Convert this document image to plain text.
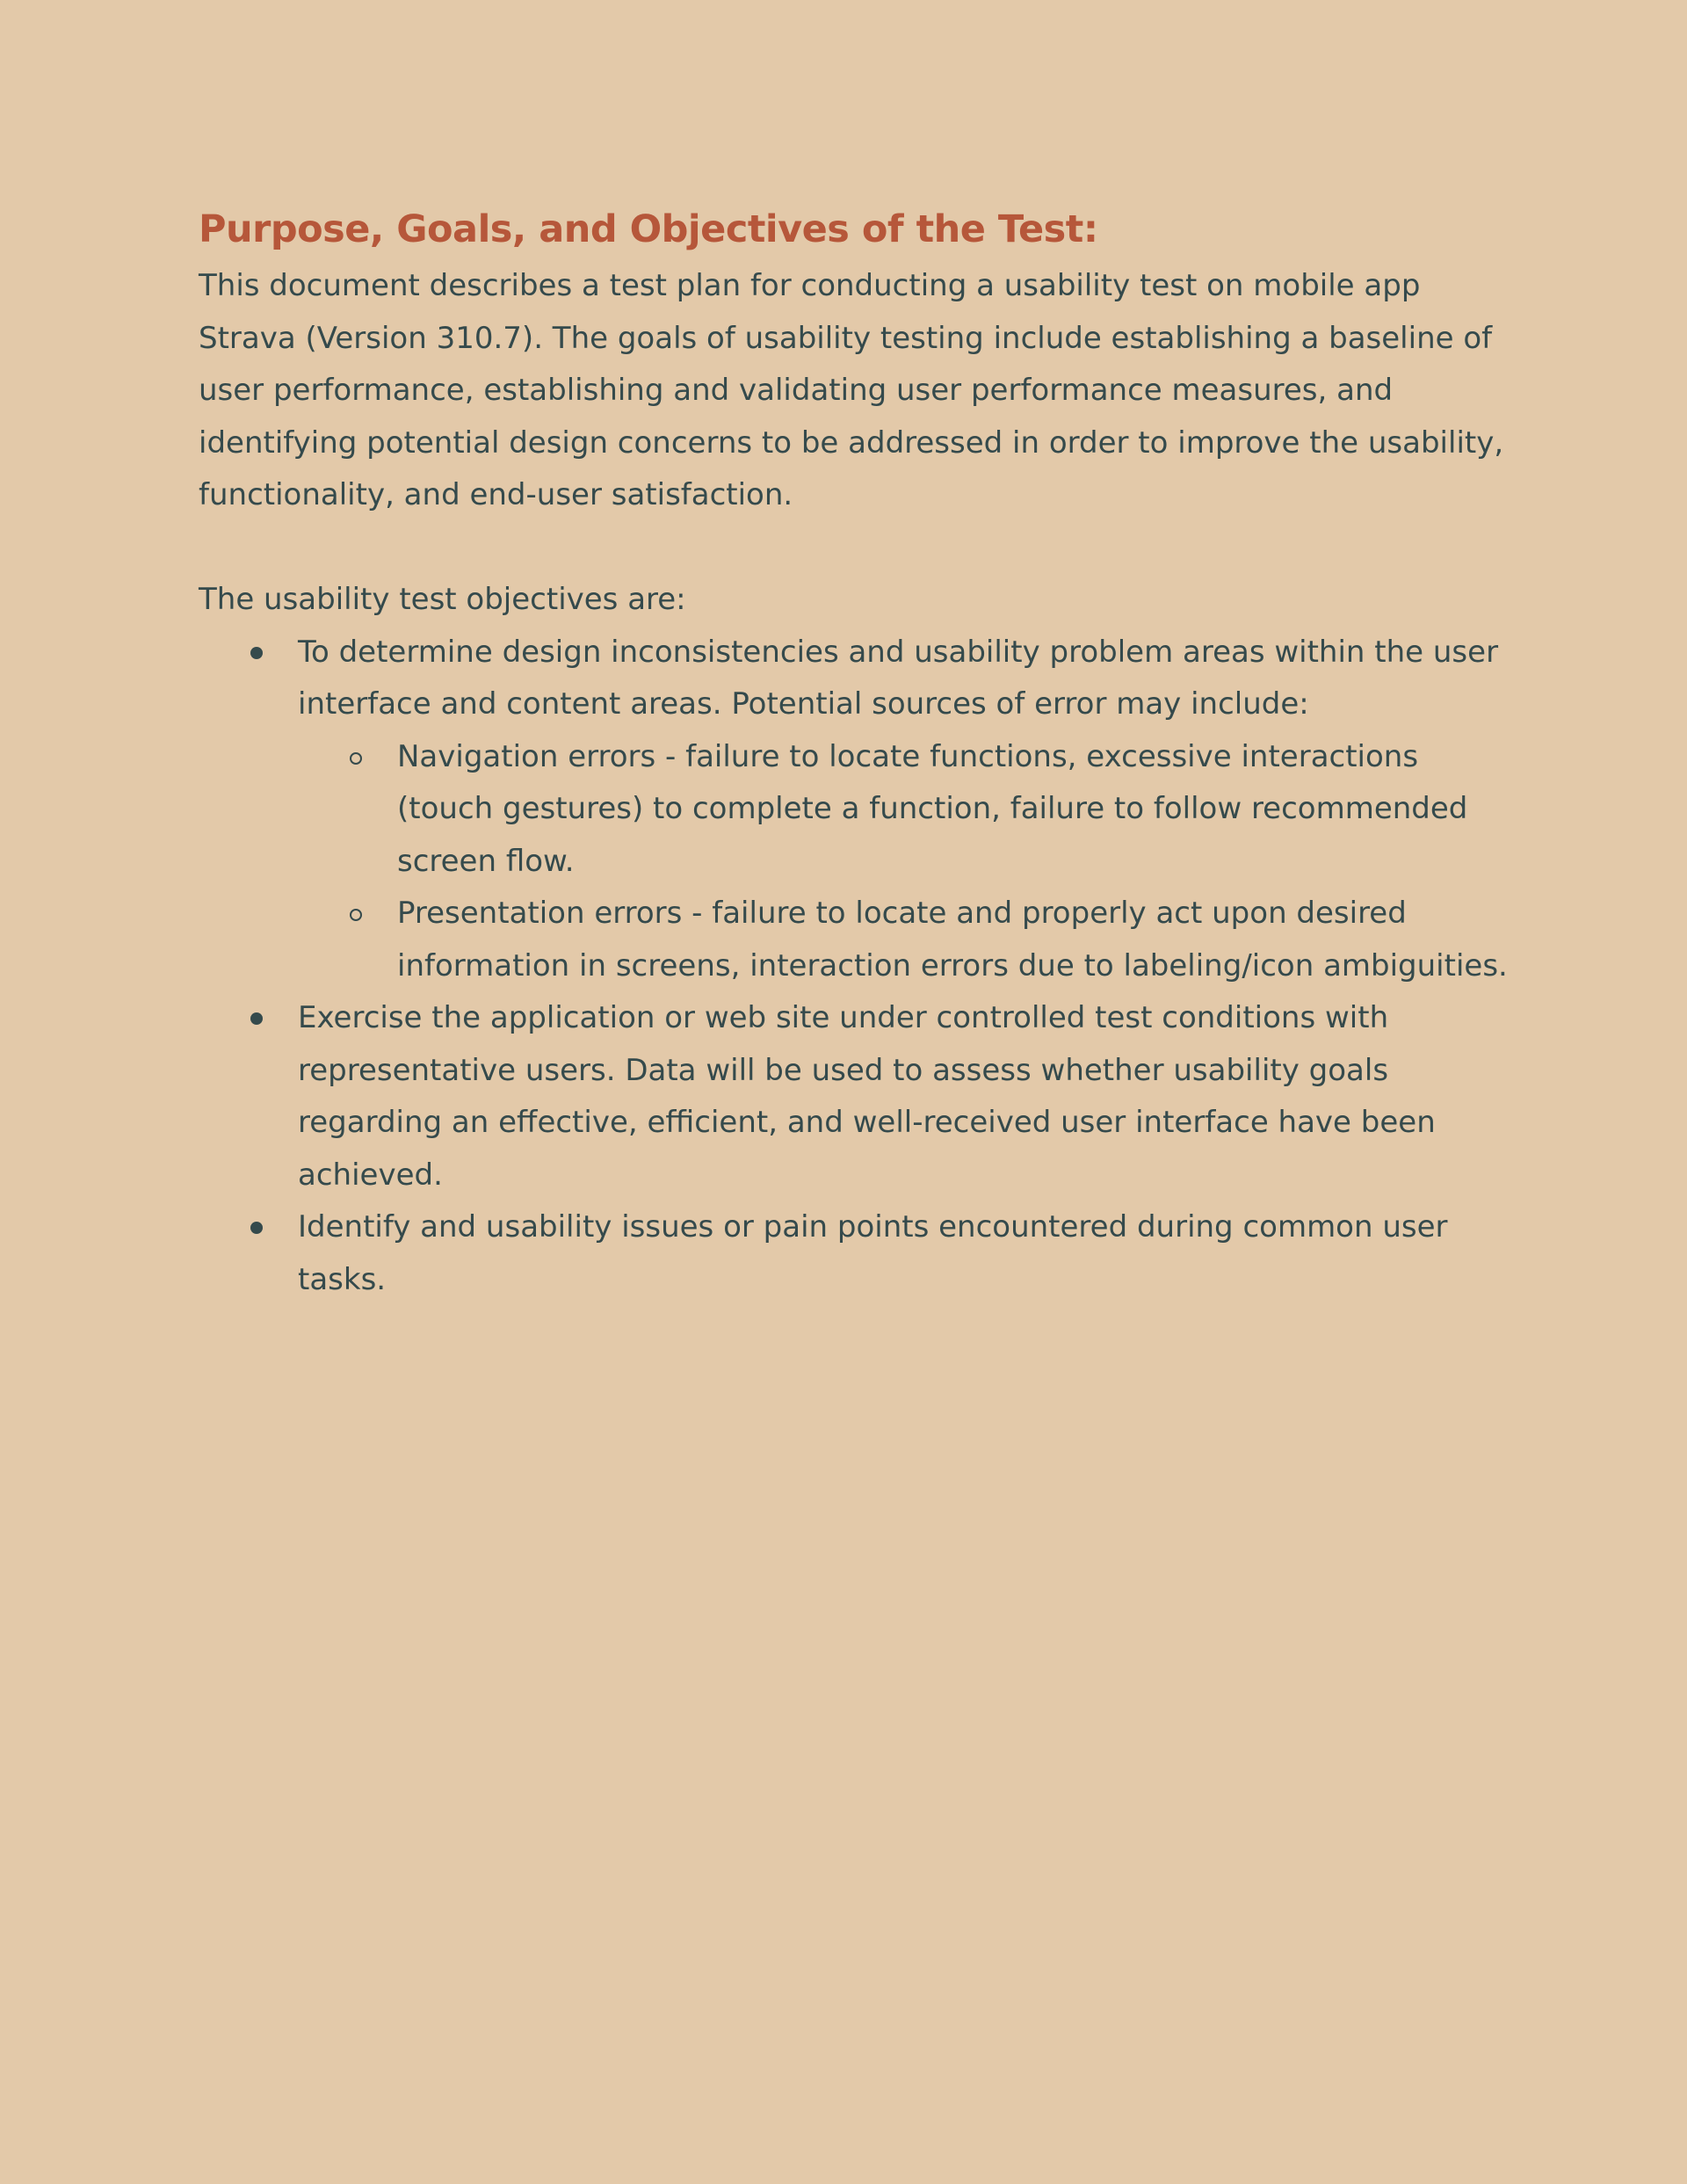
Purpose, Goals, and Objectives of the Test:

This document describes a test plan for conducting a usability test on mobile app Strava (Version 310.7). The goals of usability testing include establishing a baseline of user performance, establishing and validating user performance measures, and identifying potential design concerns to be addressed in order to improve the usability, functionality, and end-user satisfaction.

The usability test objectives are:

To determine design inconsistencies and usability problem areas within the user interface and content areas. Potential sources of error may include:
Navigation errors - failure to locate functions, excessive interactions (touch gestures) to complete a function, failure to follow recommended screen flow.
Presentation errors - failure to locate and properly act upon desired information in screens, interaction errors due to labeling/icon ambiguities.
Exercise the application or web site under controlled test conditions with representative users. Data will be used to assess whether usability goals regarding an effective, efficient, and well-received user interface have been achieved.
Identify and usability issues or pain points encountered during common user tasks.
